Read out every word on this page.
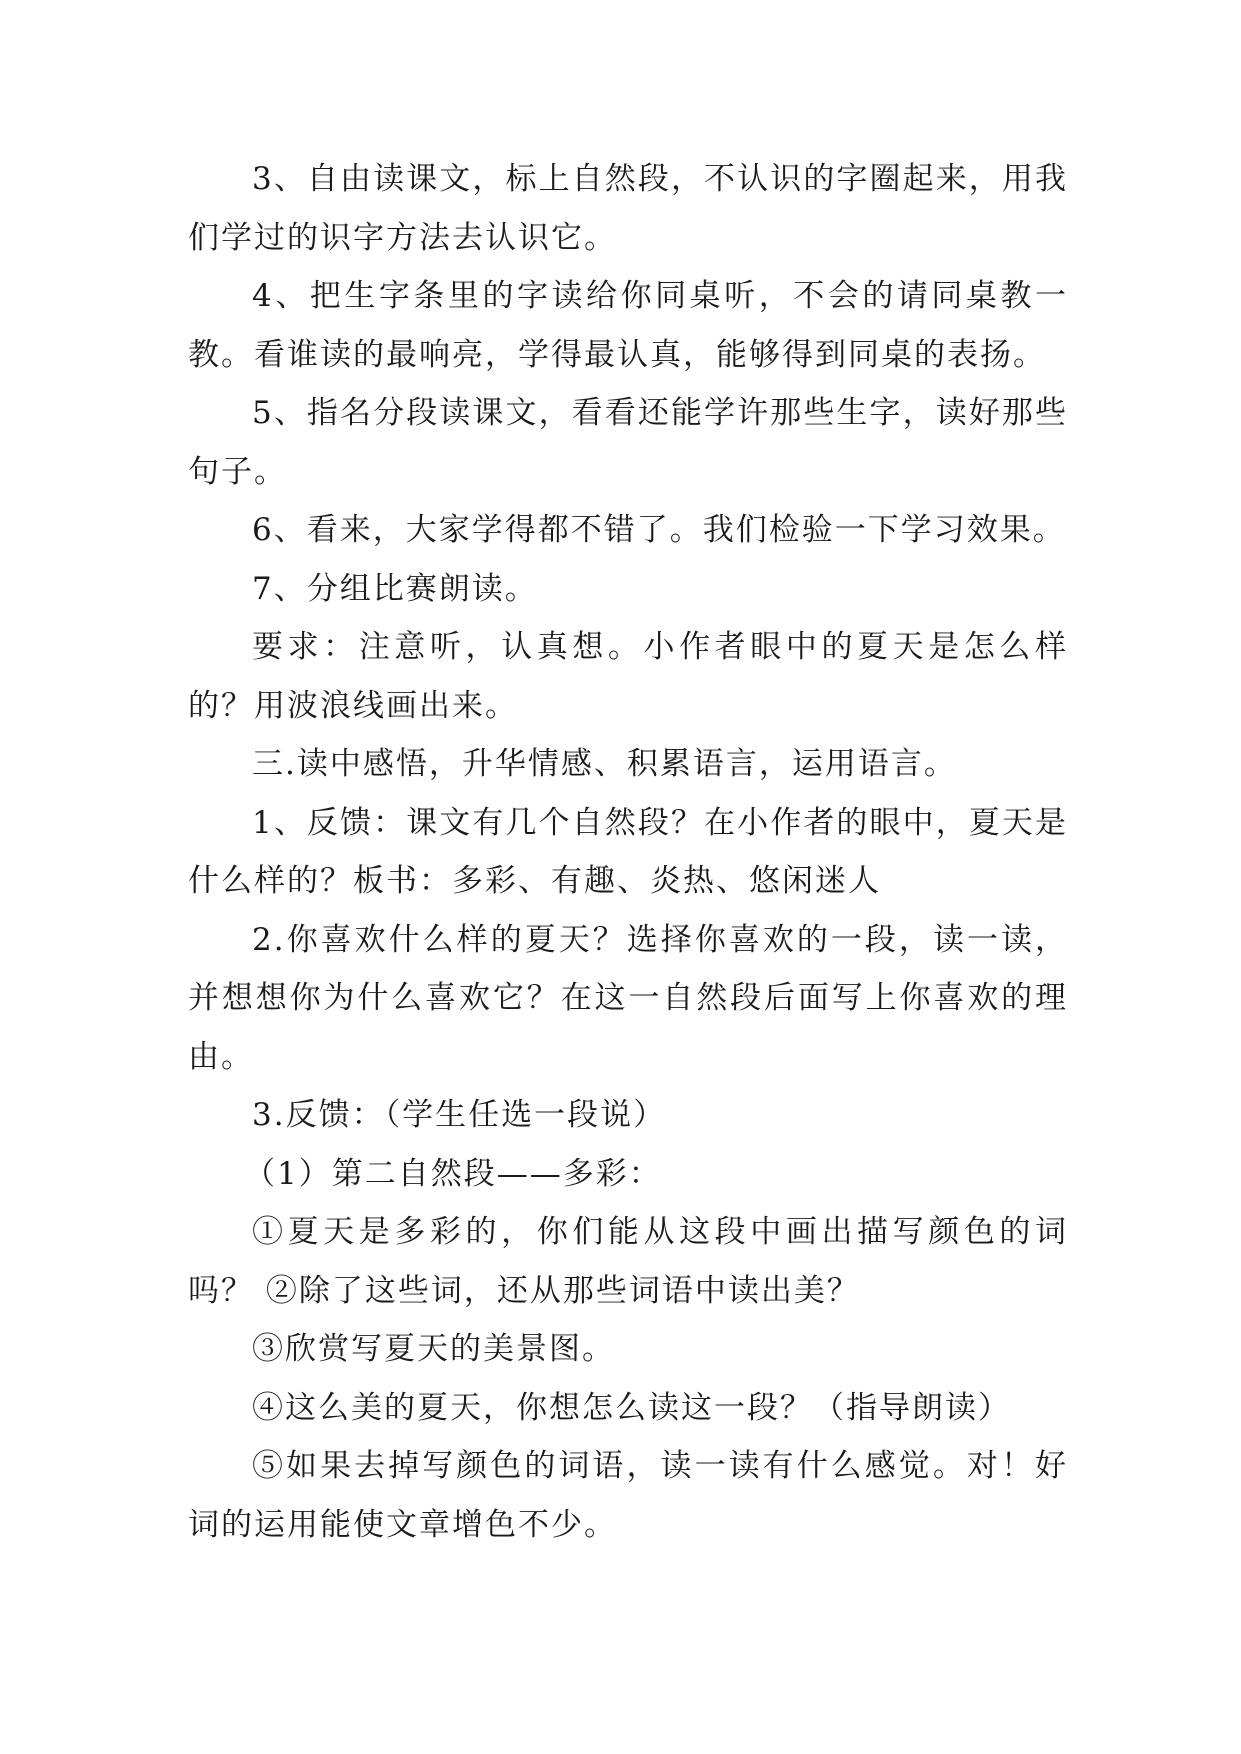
3、自由读课文，标上自然段，不认识的字圈起来，用我们学过的识字方法去认识它。

4、把生字条里的字读给你同桌听，不会的请同桌教一教。看谁读的最响亮，学得最认真，能够得到同桌的表扬。

5、指名分段读课文，看看还能学许那些生字，读好那些句子。

6、看来，大家学得都不错了。我们检验一下学习效果。

7、分组比赛朗读。

要求：注意听，认真想。小作者眼中的夏天是怎么样的？用波浪线画出来。

三.读中感悟，升华情感、积累语言，运用语言。

1、反馈：课文有几个自然段？在小作者的眼中，夏天是什么样的？板书：多彩、有趣、炎热、悠闲迷人

2.你喜欢什么样的夏天？选择你喜欢的一段，读一读，并想想你为什么喜欢它？在这一自然段后面写上你喜欢的理由。

3.反馈：（学生任选一段说）

（1）第二自然段——多彩：

①夏天是多彩的，你们能从这段中画出描写颜色的词吗？ ②除了这些词，还从那些词语中读出美？

③欣赏写夏天的美景图。

④这么美的夏天，你想怎么读这一段？（指导朗读）

⑤如果去掉写颜色的词语，读一读有什么感觉。对！好词的运用能使文章增色不少。
